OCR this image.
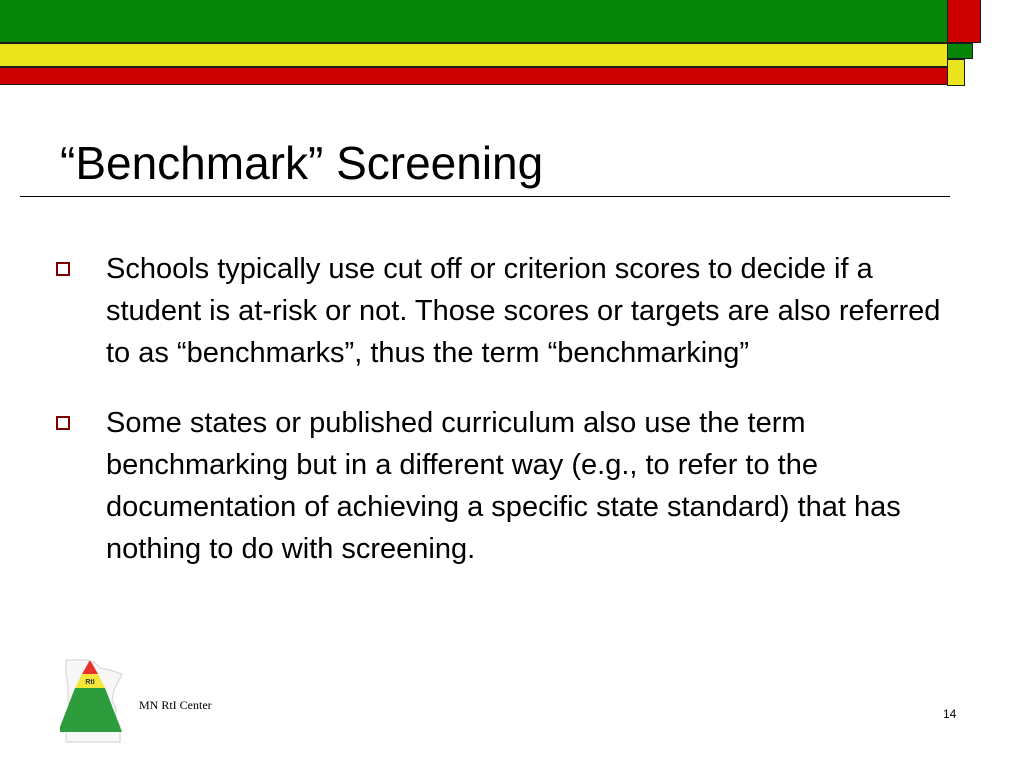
“Benchmark” Screening
Schools typically use cut off or criterion scores to decide if a student is at-risk or not. Those scores or targets are also referred to as “benchmarks”, thus the term “benchmarking”
Some states or published curriculum also use the term benchmarking but in a different way (e.g., to refer to the documentation of achieving a specific state standard) that has nothing to do with screening.
RtI
MN RtI Center
14
